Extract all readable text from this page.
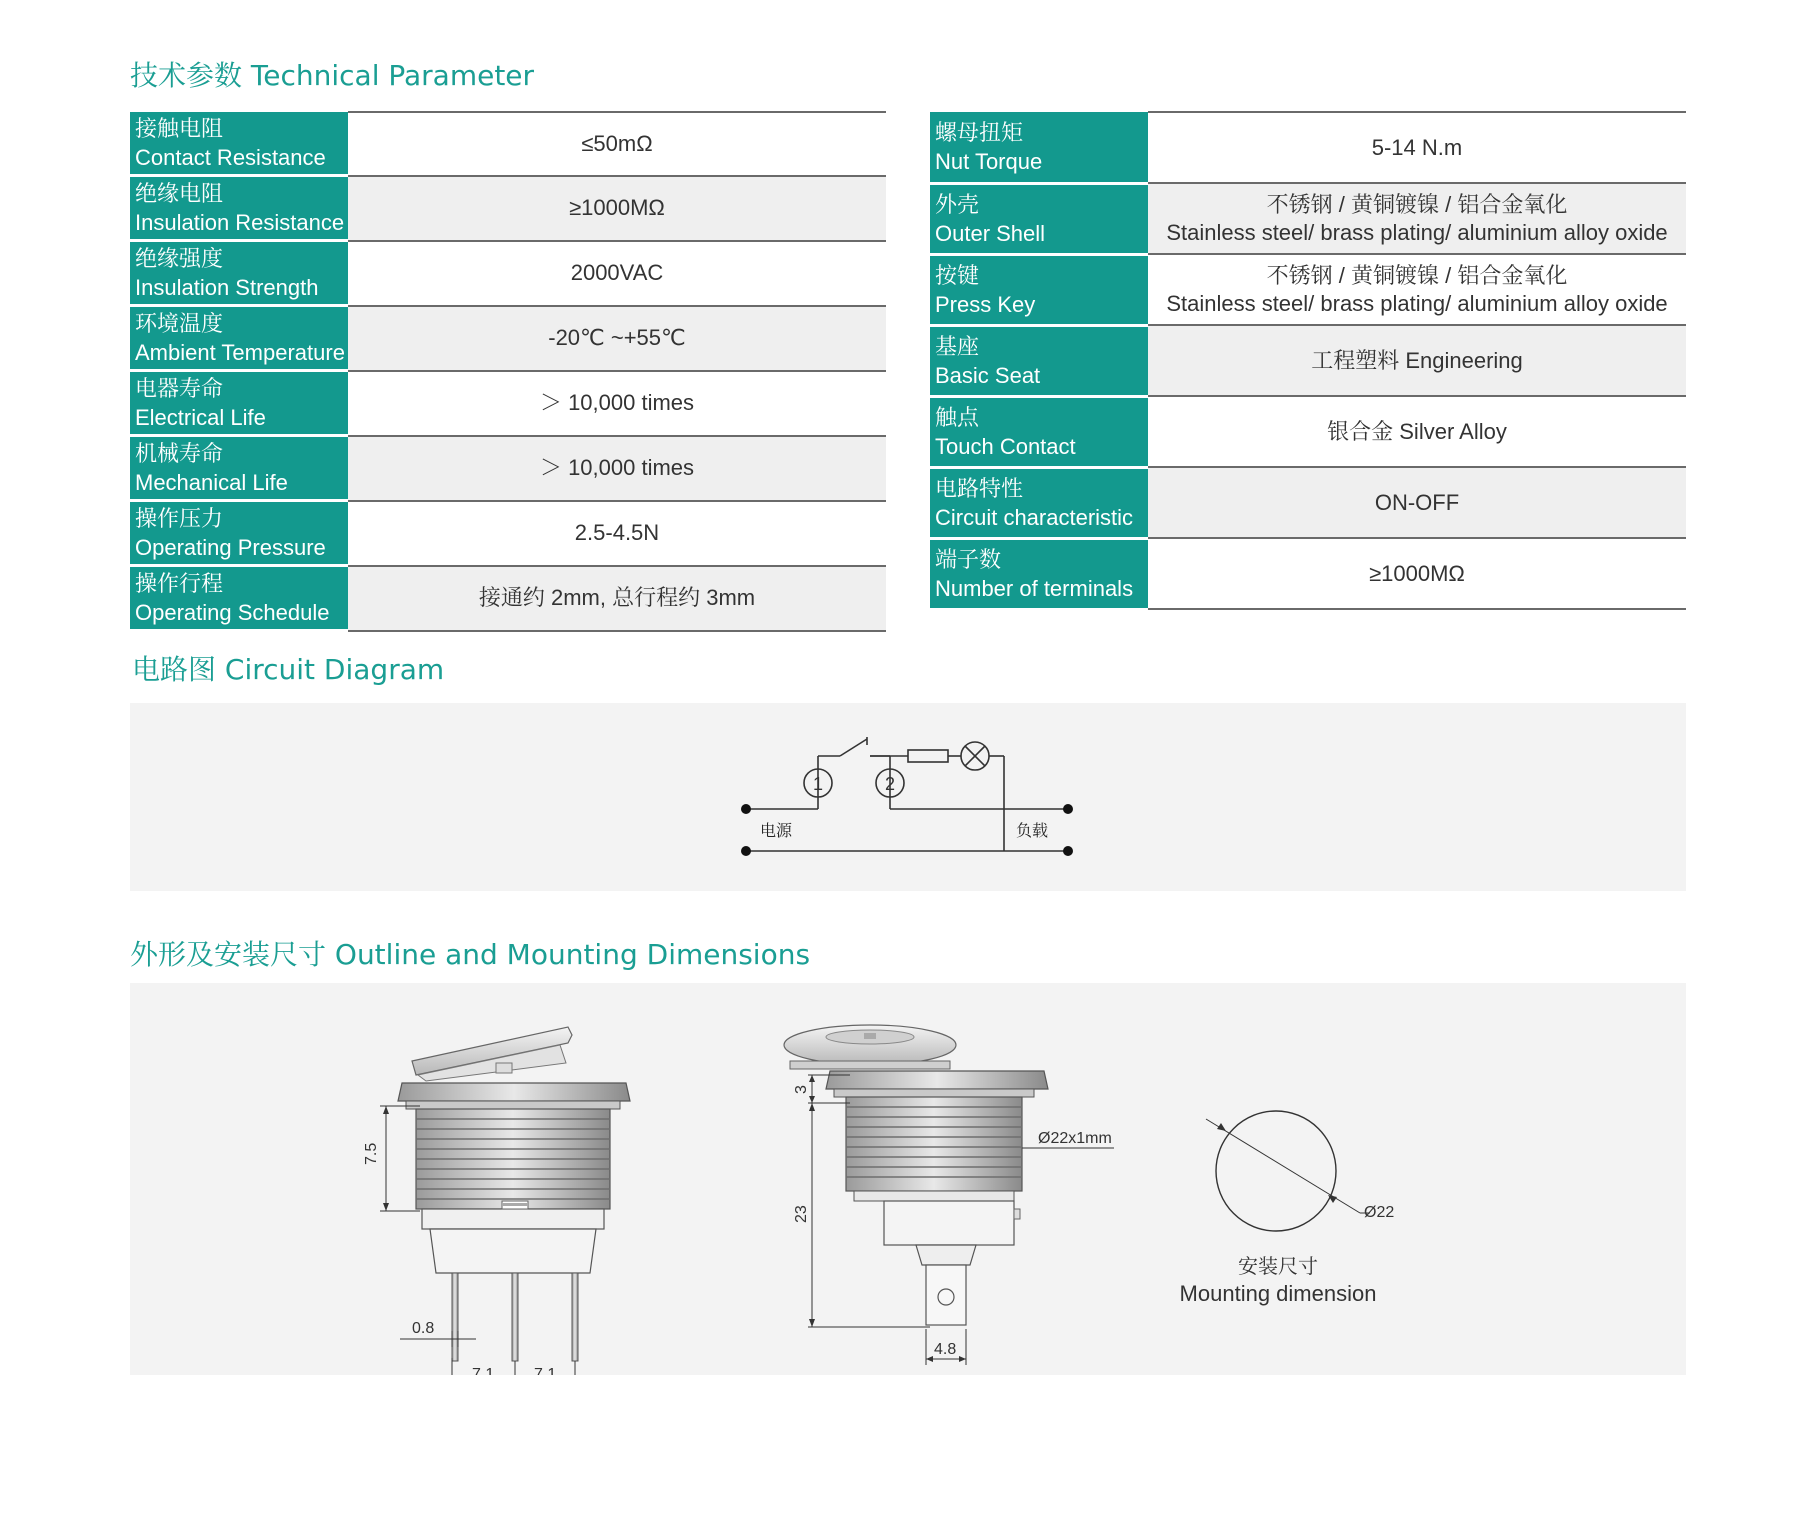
技术参数 Technical Parameter
接触电阻
Contact Resistance	≤50mΩ

绝缘电阻
Insulation Resistance	≥1000MΩ

绝缘强度
Insulation Strength	2000VAC

环境温度
Ambient Temperature	-20℃ ~+55℃

电器寿命
Electrical Life	＞ 10,000 times

机械寿命
Mechanical Life	＞ 10,000 times

操作压力
Operating Pressure	2.5-4.5N

操作行程
Operating Schedule	接通约 2mm, 总行程约 3mm
螺母扭矩
Nut Torque	5-14 N.m

外壳
Outer Shell	不锈钢 / 黄铜镀镍 / 铝合金氧化
Stainless steel/ brass plating/ aluminium alloy oxide

按键
Press Key	不锈钢 / 黄铜镀镍 / 铝合金氧化
Stainless steel/ brass plating/ aluminium alloy oxide

基座
Basic Seat	工程塑料 Engineering

触点
Touch Contact	银合金 Silver Alloy

电路特性
Circuit characteristic	ON-OFF

端子数
Number of terminals	≥1000MΩ
电路图 Circuit Diagram
1	2
电源	负载
外形及安装尺寸 Outline and Mounting Dimensions
7.5
0.8
7.1 7.1
3
23
Ø22x1mm
4.8
Ø22
安装尺寸
Mounting dimension
